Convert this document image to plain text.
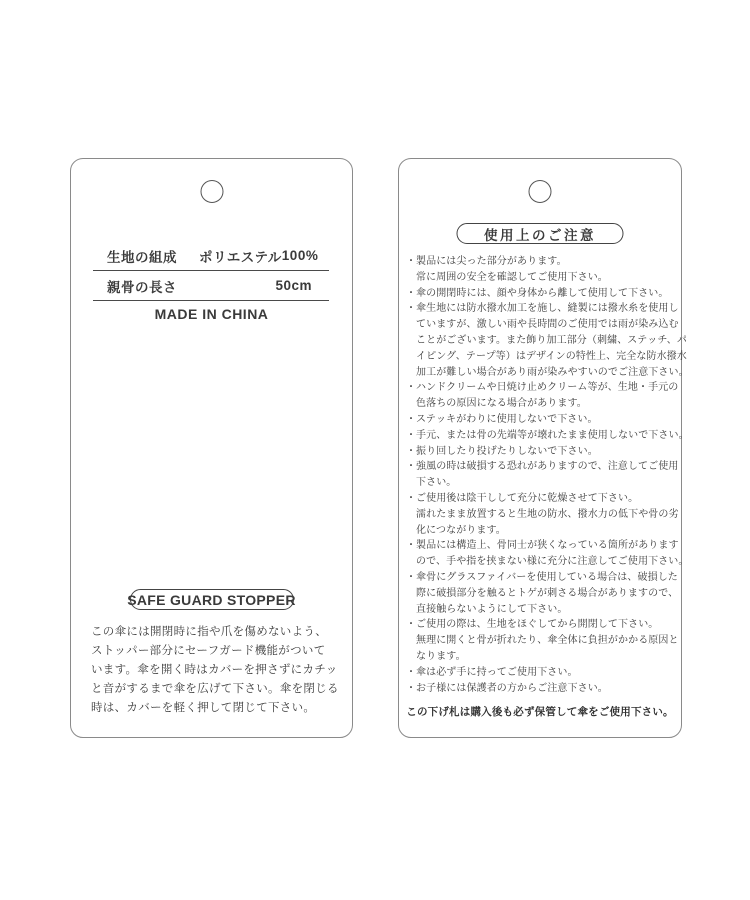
生地の組成 ポリエステル 100%
親骨の長さ	50cm
MADE IN CHINA
SAFE GUARD STOPPER
この傘には開閉時に指や爪を傷めないよう、
ストッパー部分にセーフガード機能がついて
います。傘を開く時はカバーを押さずにカチッ
と音がするまで傘を広げて下さい。傘を閉じる
時は、カバーを軽く押して閉じて下さい。
使用上のご注意
・ 製品には尖った部分があります。
常に周囲の安全を確認してご使用下さい。
・ 傘の開閉時には、顔や身体から離して使用して下さい。
・ 傘生地には防水撥水加工を施し、縫製には撥水糸を使用し
ていますが、激しい雨や長時間のご使用では雨が染み込む
ことがございます。また飾り加工部分（刺繍、ステッチ、パ
イピング、テープ等）はデザインの特性上、完全な防水撥水
加工が難しい場合があり雨が染みやすいのでご注意下さい。
・ ハンドクリームや日焼け止めクリーム等が、生地・手元の
色落ちの原因になる場合があります。
・ ステッキがわりに使用しないで下さい。
・ 手元、または骨の先端等が壊れたまま使用しないで下さい。
・ 振り回したり投げたりしないで下さい。
・ 強風の時は破損する恐れがありますので、注意してご使用
下さい。
・ ご使用後は陰干しして充分に乾燥させて下さい。
濡れたまま放置すると生地の防水、撥水力の低下や骨の劣
化につながります。
・ 製品には構造上、骨同士が狭くなっている箇所があります
ので、手や指を挟まない様に充分に注意してご使用下さい。
・ 傘骨にグラスファイバーを使用している場合は、破損した
際に破損部分を触るとトゲが刺さる場合がありますので、
直接触らないようにして下さい。
・ ご使用の際は、生地をほぐしてから開閉して下さい。
無理に開くと骨が折れたり、傘全体に負担がかかる原因と
なります。
・ 傘は必ず手に持ってご使用下さい。
・ お子様には保護者の方からご注意下さい。
この下げ札は購入後も必ず保管して傘をご使用下さい。
